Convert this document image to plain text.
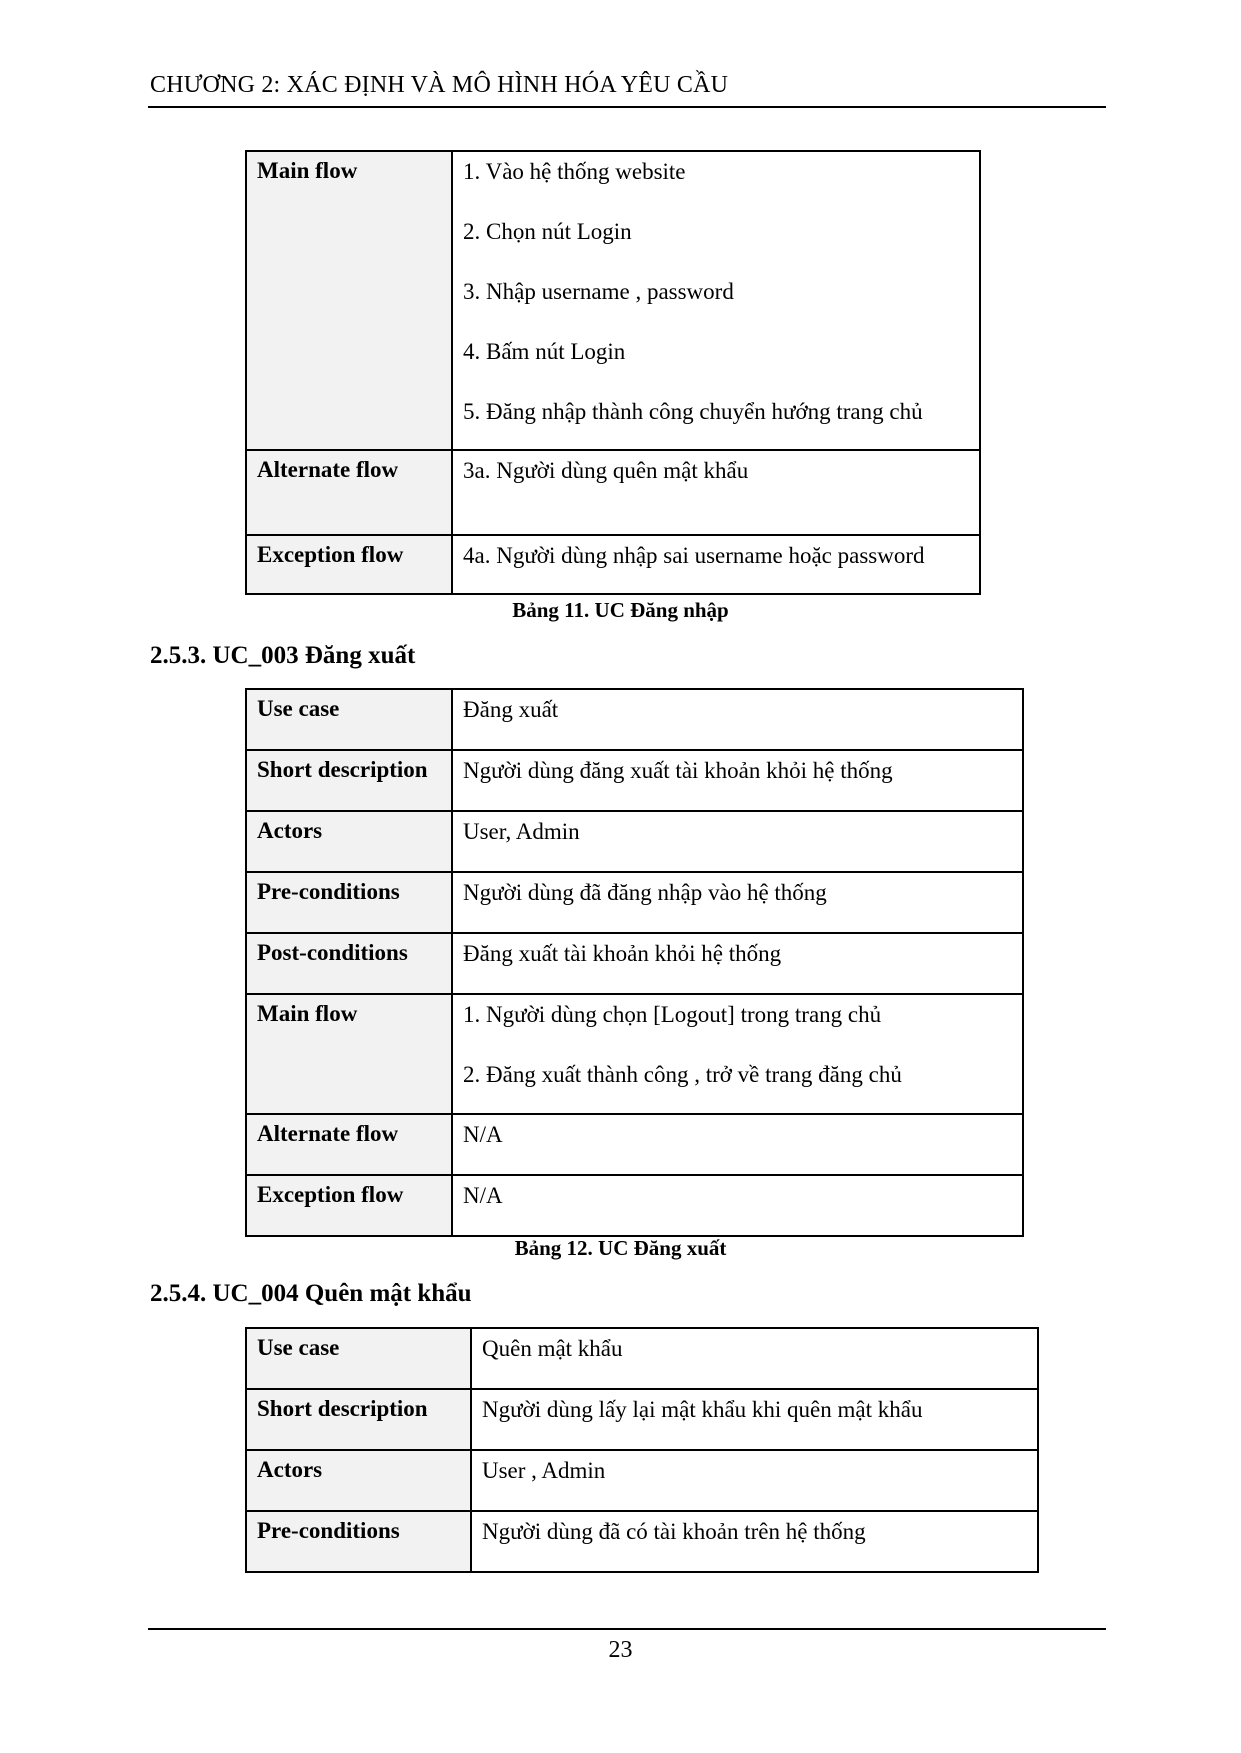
CHƯƠNG 2: XÁC ĐỊNH VÀ MÔ HÌNH HÓA YÊU CẦU
Main flow	1. Vào hệ thống website
2. Chọn nút Login
3. Nhập username , password
4. Bấm nút Login
5. Đăng nhập thành công chuyển hướng trang chủ

Alternate flow	3a. Người dùng quên mật khẩu

Exception flow	4a. Người dùng nhập sai username hoặc password
Bảng 11. UC Đăng nhập
2.5.3. UC_003 Đăng xuất
Use case	Đăng xuất

Short description	Người dùng đăng xuất tài khoản khỏi hệ thống

Actors	User, Admin

Pre-conditions	Người dùng đã đăng nhập vào hệ thống

Post-conditions	Đăng xuất tài khoản khỏi hệ thống

Main flow	1. Người dùng chọn [Logout] trong trang chủ
2. Đăng xuất thành công , trở về trang đăng chủ

Alternate flow	N/A

Exception flow	N/A
Bảng 12. UC Đăng xuất
2.5.4. UC_004 Quên mật khẩu
Use case	Quên mật khẩu

Short description	Người dùng lấy lại mật khẩu khi quên mật khẩu

Actors	User , Admin

Pre-conditions	Người dùng đã có tài khoản trên hệ thống
23
